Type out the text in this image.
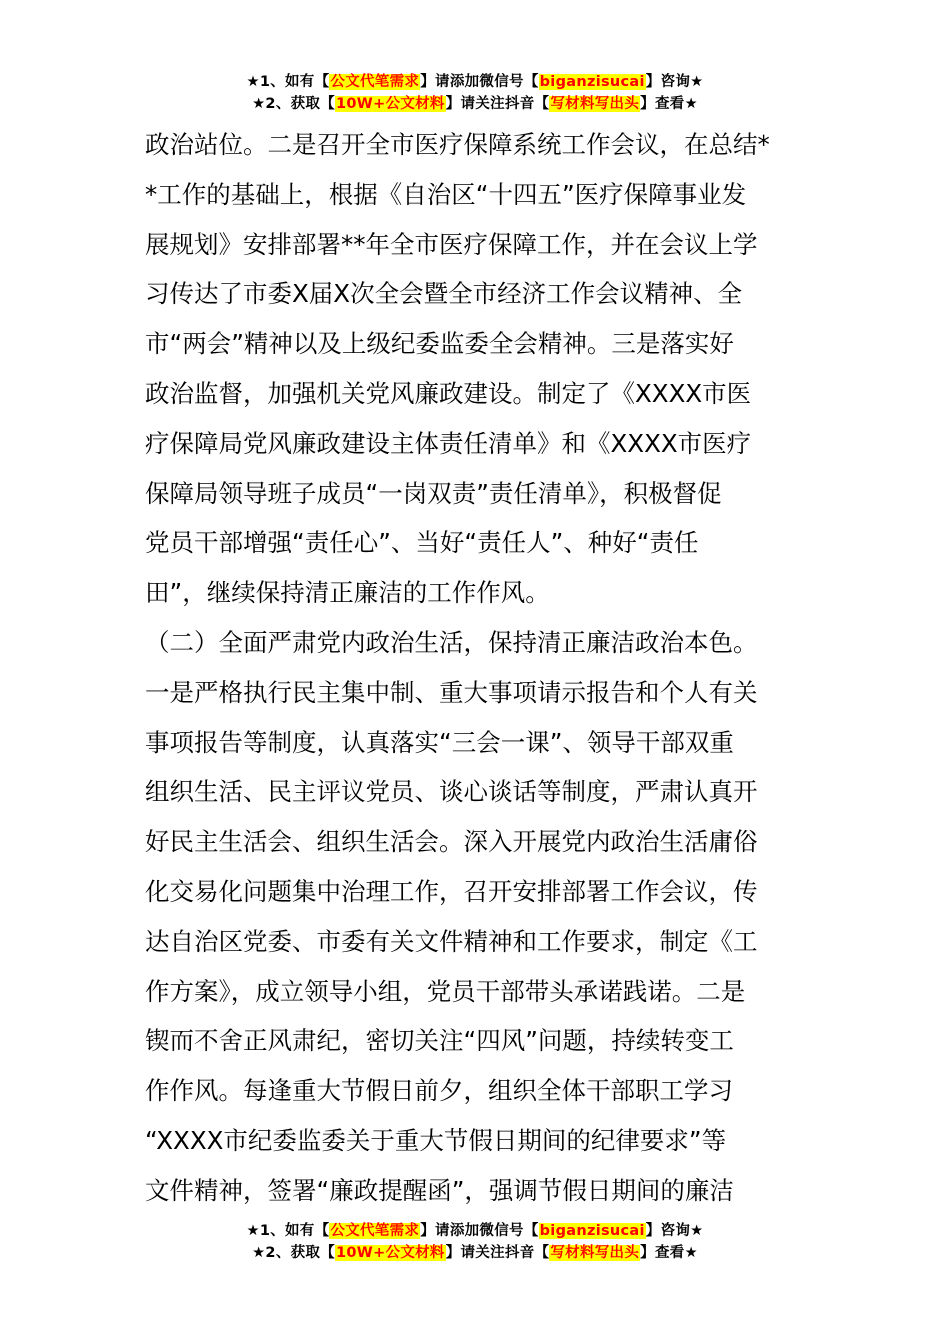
★1、如有【公文代笔需求】请添加微信号【biganzisucai】咨询★
★2、获取【10W+公文材料】请关注抖音【写材料写出头】查看★
政治站位。二是召开全市医疗保障系统工作会议，在总结*
*工作的基础上，根据《自治区“十四五”医疗保障事业发
展规划》安排部署**年全市医疗保障工作，并在会议上学
习传达了市委X届X次全会暨全市经济工作会议精神、全
市“两会”精神以及上级纪委监委全会精神。三是落实好
政治监督，加强机关党风廉政建设。制定了《XXXX市医
疗保障局党风廉政建设主体责任清单》和《XXXX市医疗
保障局领导班子成员“一岗双责”责任清单》，积极督促
党员干部增强“责任心”、当好“责任人”、种好“责任
田”，继续保持清正廉洁的工作作风。
（二）全面严肃党内政治生活，保持清正廉洁政治本色。
一是严格执行民主集中制、重大事项请示报告和个人有关
事项报告等制度，认真落实“三会一课”、领导干部双重
组织生活、民主评议党员、谈心谈话等制度，严肃认真开
好民主生活会、组织生活会。深入开展党内政治生活庸俗
化交易化问题集中治理工作，召开安排部署工作会议，传
达自治区党委、市委有关文件精神和工作要求，制定《工
作方案》，成立领导小组，党员干部带头承诺践诺。二是
锲而不舍正风肃纪，密切关注“四风”问题，持续转变工
作作风。每逢重大节假日前夕，组织全体干部职工学习
“XXXX市纪委监委关于重大节假日期间的纪律要求”等
文件精神，签署“廉政提醒函”，强调节假日期间的廉洁
★1、如有【公文代笔需求】请添加微信号【biganzisucai】咨询★
★2、获取【10W+公文材料】请关注抖音【写材料写出头】查看★
